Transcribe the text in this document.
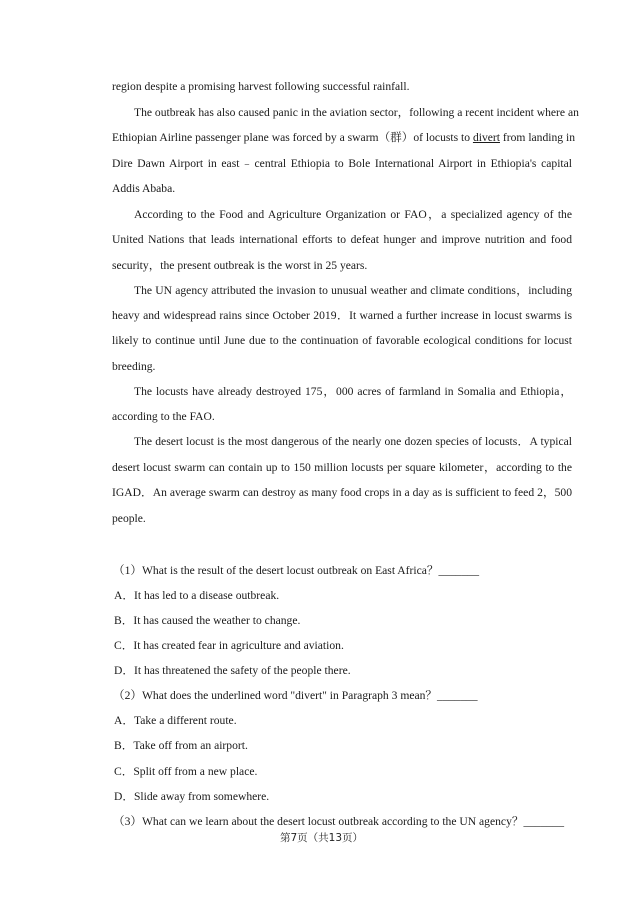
region despite a promising harvest following successful rainfall.
The outbreak has also caused panic in the aviation sector，following a recent incident where an
Ethiopian Airline passenger plane was forced by a swarm（群）of locusts to divert from landing in
Dire Dawn Airport in east﹣central Ethiopia to Bole International Airport in Ethiopia's capital
Addis Ababa.
According to the Food and Agriculture Organization or FAO，a specialized agency of the
United Nations that leads international efforts to defeat hunger and improve nutrition and food
security，the present outbreak is the worst in 25 years.
The UN agency attributed the invasion to unusual weather and climate conditions，including
heavy and widespread rains since October 2019．It warned a further increase in locust swarms is
likely to continue until June due to the continuation of favorable ecological conditions for locust
breeding.
The locusts have already destroyed 175，000 acres of farmland in Somalia and Ethiopia，
according to the FAO.
The desert locust is the most dangerous of the nearly one dozen species of locusts．A typical
desert locust swarm can contain up to 150 million locusts per square kilometer，according to the
IGAD．An average swarm can destroy as many food crops in a day as is sufficient to feed 2，500
people.
（1）What is the result of the desert locust outbreak on East Africa？_______
A．It has led to a disease outbreak.
B．It has caused the weather to change.
C．It has created fear in agriculture and aviation.
D．It has threatened the safety of the people there.
（2）What does the underlined word "divert" in Paragraph 3 mean？_______
A．Take a different route.
B．Take off from an airport.
C．Split off from a new place.
D．Slide away from somewhere.
（3）What can we learn about the desert locust outbreak according to the UN agency？_______
第7页（共13页）
